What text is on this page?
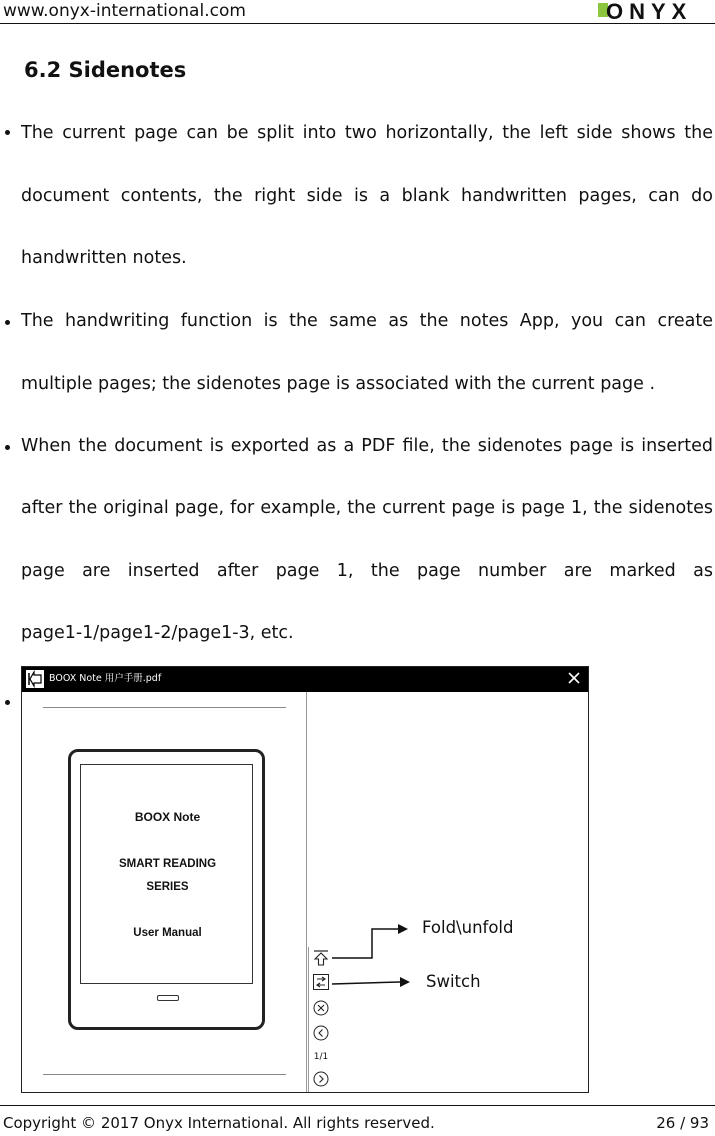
www.onyx-international.com	ONYX
6.2 Sidenotes
The current page can be split into two horizontally, the left side shows the
document contents, the right side is a blank handwritten pages, can do
handwritten notes.
The handwriting function is the same as the notes App, you can create
multiple pages; the sidenotes page is associated with the current page .
When the document is exported as a PDF file, the sidenotes page is inserted
after the original page, for example, the current page is page 1, the sidenotes
page are inserted after page 1, the page number are marked as
page1-1/page1-2/page1-3, etc.
BOOX Note 用户手册.pdf
BOOX Note
SMART READING
SERIES
User Manual
1/1
Fold\unfold
Switch
Copyright © 2017 Onyx International. All rights reserved.	26 / 93
